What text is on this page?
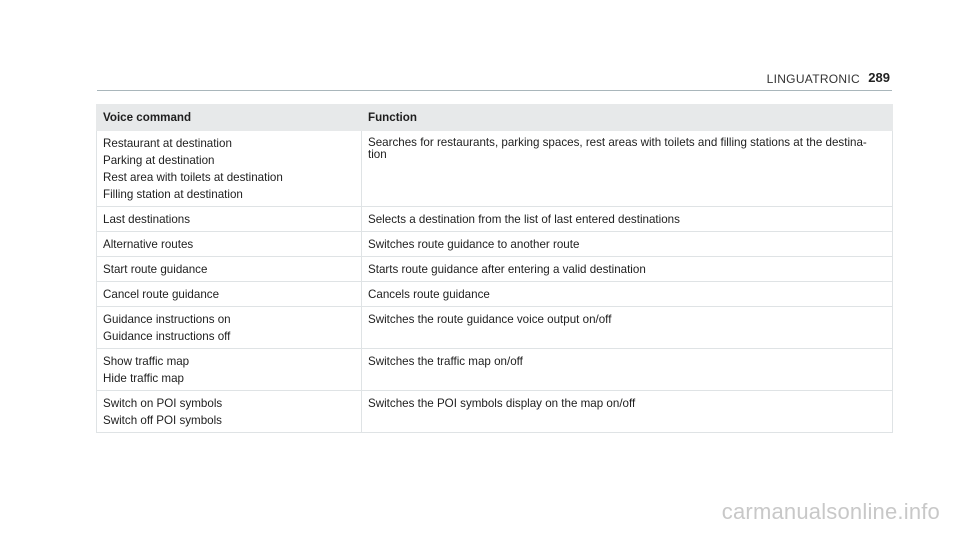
LINGUATRONIC 289
Voice command	Function

Restaurant at destination
Parking at destination
Rest area with toilets at destination
Filling station at destination	Searches for restaurants, parking spaces, rest areas with toilets and filling stations at the destina-
tion

Last destinations	Selects a destination from the list of last entered destinations

Alternative routes	Switches route guidance to another route

Start route guidance	Starts route guidance after entering a valid destination

Cancel route guidance	Cancels route guidance

Guidance instructions on
Guidance instructions off	Switches the route guidance voice output on/off

Show traffic map
Hide traffic map	Switches the traffic map on/off

Switch on POI symbols
Switch off POI symbols	Switches the POI symbols display on the map on/off
carmanualsonline.info
